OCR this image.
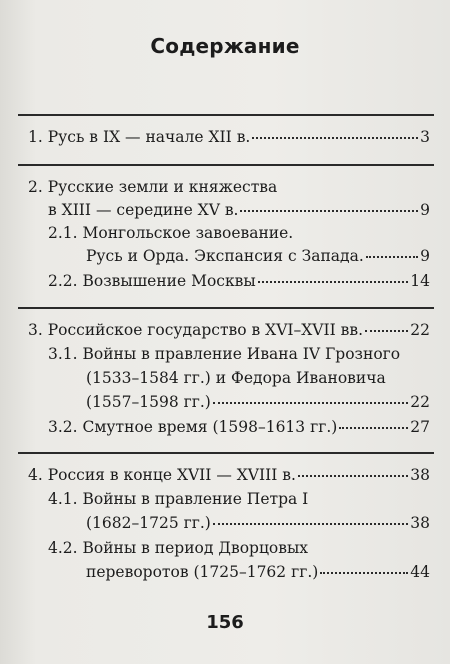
Содержание
1. Русь в IX — начале XII в.	3
2. Русские земли и княжества
в XIII — середине XV в.	9
2.1. Монгольское завоевание.
Русь и Орда. Экспансия с Запада.	9
2.2. Возвышение Москвы	14
3. Российское государство в XVI–XVII вв.	22
3.1. Войны в правление Ивана IV Грозного
(1533–1584 гг.) и Федора Ивановича
(1557–1598 гг.)	22
3.2. Смутное время (1598–1613 гг.)	27
4. Россия в конце XVII — XVIII в.	38
4.1. Войны в правление Петра I
(1682–1725 гг.)	38
4.2. Войны в период Дворцовых
переворотов (1725–1762 гг.)	44
156
